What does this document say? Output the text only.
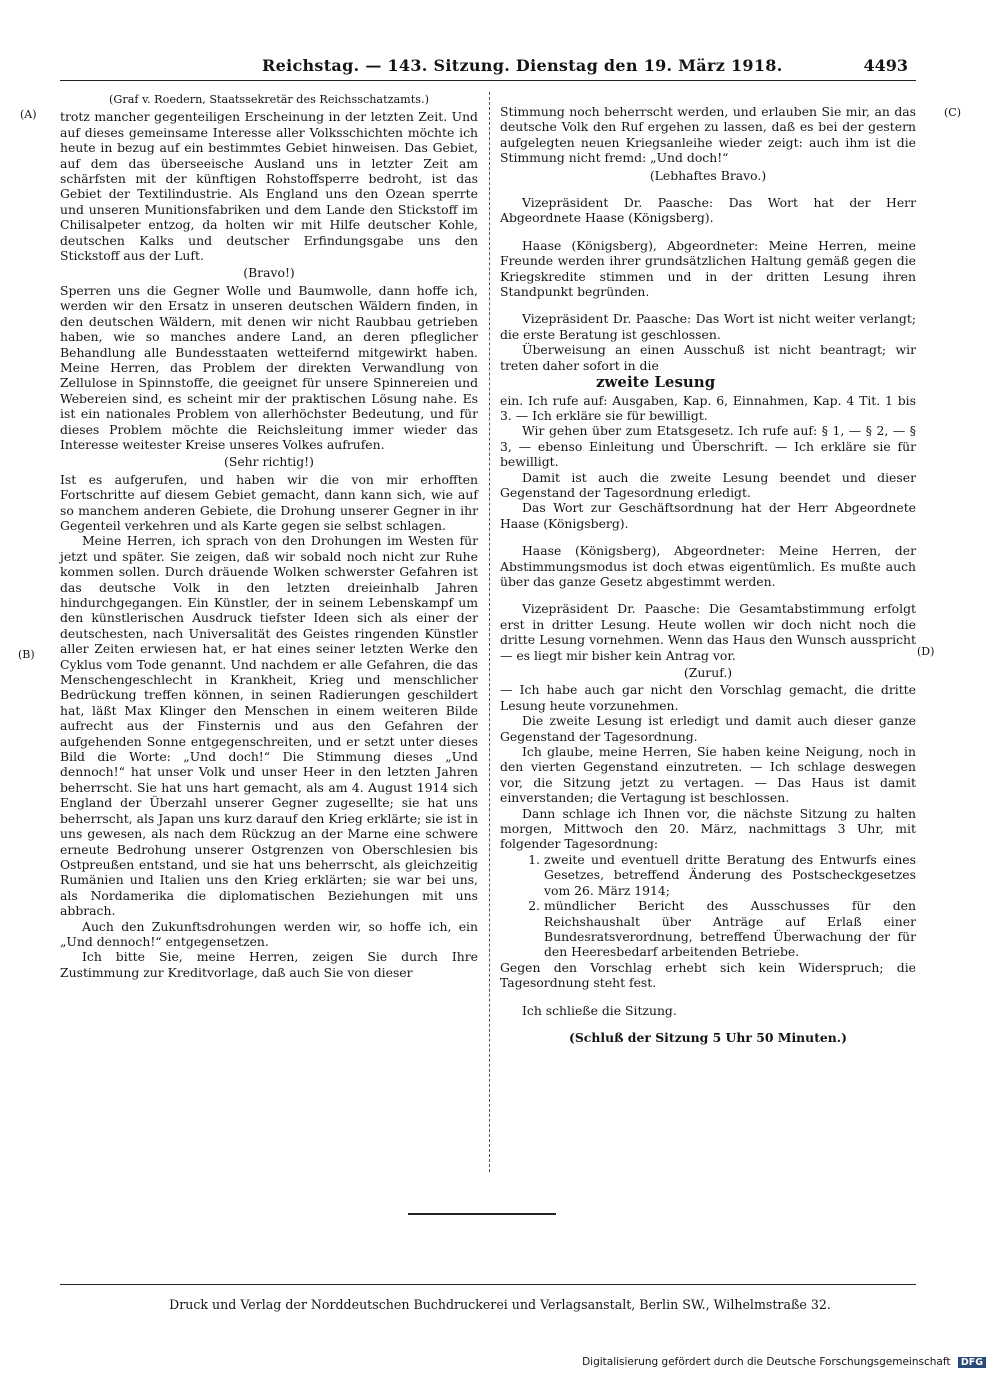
Reichstag. — 143. Sitzung. Dienstag den 19. März 1918.	4493
(A)
(B)
(C)
(D)

(Graf v. Roedern, Staatssekretär des Reichsschatzamts.)

trotz mancher gegenteiligen Erscheinung in der letzten Zeit. Und auf dieses gemeinsame Interesse aller Volksschichten möchte ich heute in bezug auf ein bestimmtes Gebiet hinweisen. Das Gebiet, auf dem das überseeische Ausland uns in letzter Zeit am schärfsten mit der künftigen Rohstoffsperre bedroht, ist das Gebiet der Textilindustrie. Als England uns den Ozean sperrte und unseren Munitionsfabriken und dem Lande den Stickstoff im Chilisalpeter entzog, da holten wir mit Hilfe deutscher Kohle, deutschen Kalks und deutscher Erfindungsgabe uns den Stickstoff aus der Luft.

(Bravo!)

Sperren uns die Gegner Wolle und Baumwolle, dann hoffe ich, werden wir den Ersatz in unseren deutschen Wäldern finden, in den deutschen Wäldern, mit denen wir nicht Raubbau getrieben haben, wie so manches andere Land, an deren pfleglicher Behandlung alle Bundesstaaten wetteifernd mitgewirkt haben. Meine Herren, das Problem der direkten Verwandlung von Zellulose in Spinnstoffe, die geeignet für unsere Spinnereien und Webereien sind, es scheint mir der praktischen Lösung nahe. Es ist ein nationales Problem von allerhöchster Bedeutung, und für dieses Problem möchte die Reichsleitung immer wieder das Interesse weitester Kreise unseres Volkes aufrufen.

(Sehr richtig!)

Ist es aufgerufen, und haben wir die von mir erhofften Fortschritte auf diesem Gebiet gemacht, dann kann sich, wie auf so manchem anderen Gebiete, die Drohung unserer Gegner in ihr Gegenteil verkehren und als Karte gegen sie selbst schlagen.

Meine Herren, ich sprach von den Drohungen im Westen für jetzt und später. Sie zeigen, daß wir sobald noch nicht zur Ruhe kommen sollen. Durch dräuende Wolken schwerster Gefahren ist das deutsche Volk in den letzten dreieinhalb Jahren hindurchgegangen. Ein Künstler, der in seinem Lebenskampf um den künstlerischen Ausdruck tiefster Ideen sich als einer der deutschesten, nach Universalität des Geistes ringenden Künstler aller Zeiten erwiesen hat, er hat eines seiner letzten Werke den Cyklus vom Tode genannt. Und nachdem er alle Gefahren, die das Menschengeschlecht in Krankheit, Krieg und menschlicher Bedrückung treffen können, in seinen Radierungen geschildert hat, läßt Max Klinger den Menschen in einem weiteren Bilde aufrecht aus der Finsternis und aus den Gefahren der aufgehenden Sonne entgegenschreiten, und er setzt unter dieses Bild die Worte: „Und doch!“ Die Stimmung dieses „Und dennoch!“ hat unser Volk und unser Heer in den letzten Jahren beherrscht. Sie hat uns hart gemacht, als am 4. August 1914 sich England der Überzahl unserer Gegner zugesellte; sie hat uns beherrscht, als Japan uns kurz darauf den Krieg erklärte; sie ist in uns gewesen, als nach dem Rückzug an der Marne eine schwere erneute Bedrohung unserer Ostgrenzen von Oberschlesien bis Ostpreußen entstand, und sie hat uns beherrscht, als gleichzeitig Rumänien und Italien uns den Krieg erklärten; sie war bei uns, als Nordamerika die diplomatischen Beziehungen mit uns abbrach.

Auch den Zukunftsdrohungen werden wir, so hoffe ich, ein „Und dennoch!“ entgegensetzen.

Ich bitte Sie, meine Herren, zeigen Sie durch Ihre Zustimmung zur Kreditvorlage, daß auch Sie von dieser

Stimmung noch beherrscht werden, und erlauben Sie mir, an das deutsche Volk den Ruf ergehen zu lassen, daß es bei der gestern aufgelegten neuen Kriegsanleihe wieder zeigt: auch ihm ist die Stimmung nicht fremd: „Und doch!“

(Lebhaftes Bravo.)

Vizepräsident Dr. Paasche: Das Wort hat der Herr Abgeordnete Haase (Königsberg).

Haase (Königsberg), Abgeordneter: Meine Herren, meine Freunde werden ihrer grundsätzlichen Haltung gemäß gegen die Kriegskredite stimmen und in der dritten Lesung ihren Standpunkt begründen.

Vizepräsident Dr. Paasche: Das Wort ist nicht weiter verlangt; die erste Beratung ist geschlossen.

Überweisung an einen Ausschuß ist nicht beantragt; wir treten daher sofort in die

zweite Lesung

ein. Ich rufe auf: Ausgaben, Kap. 6, Einnahmen, Kap. 4 Tit. 1 bis 3. — Ich erkläre sie für bewilligt.

Wir gehen über zum Etatsgesetz. Ich rufe auf: § 1, — § 2, — § 3, — ebenso Einleitung und Überschrift. — Ich erkläre sie für bewilligt.

Damit ist auch die zweite Lesung beendet und dieser Gegenstand der Tagesordnung erledigt.

Das Wort zur Geschäftsordnung hat der Herr Abgeordnete Haase (Königsberg).

Haase (Königsberg), Abgeordneter: Meine Herren, der Abstimmungsmodus ist doch etwas eigentümlich. Es mußte auch über das ganze Gesetz abgestimmt werden.

Vizepräsident Dr. Paasche: Die Gesamtabstimmung erfolgt erst in dritter Lesung. Heute wollen wir doch nicht noch die dritte Lesung vornehmen. Wenn das Haus den Wunsch ausspricht — es liegt mir bisher kein Antrag vor.

(Zuruf.)

— Ich habe auch gar nicht den Vorschlag gemacht, die dritte Lesung heute vorzunehmen.

Die zweite Lesung ist erledigt und damit auch dieser ganze Gegenstand der Tagesordnung.

Ich glaube, meine Herren, Sie haben keine Neigung, noch in den vierten Gegenstand einzutreten. — Ich schlage deswegen vor, die Sitzung jetzt zu vertagen. — Das Haus ist damit einverstanden; die Vertagung ist beschlossen.

Dann schlage ich Ihnen vor, die nächste Sitzung zu halten morgen, Mittwoch den 20. März, nachmittags 3 Uhr, mit folgender Tagesordnung:

1. zweite und eventuell dritte Beratung des Entwurfs eines Gesetzes, betreffend Änderung des Postscheckgesetzes vom 26. März 1914;
2. mündlicher Bericht des Ausschusses für den Reichshaushalt über Anträge auf Erlaß einer Bundesratsverordnung, betreffend Überwachung der für den Heeresbedarf arbeitenden Betriebe.

Gegen den Vorschlag erhebt sich kein Widerspruch; die Tagesordnung steht fest.

Ich schließe die Sitzung.

(Schluß der Sitzung 5 Uhr 50 Minuten.)

Druck und Verlag der Norddeutschen Buchdruckerei und Verlagsanstalt, Berlin SW., Wilhelmstraße 32.
Digitalisierung gefördert durch die Deutsche Forschungsgemeinschaft DFG
